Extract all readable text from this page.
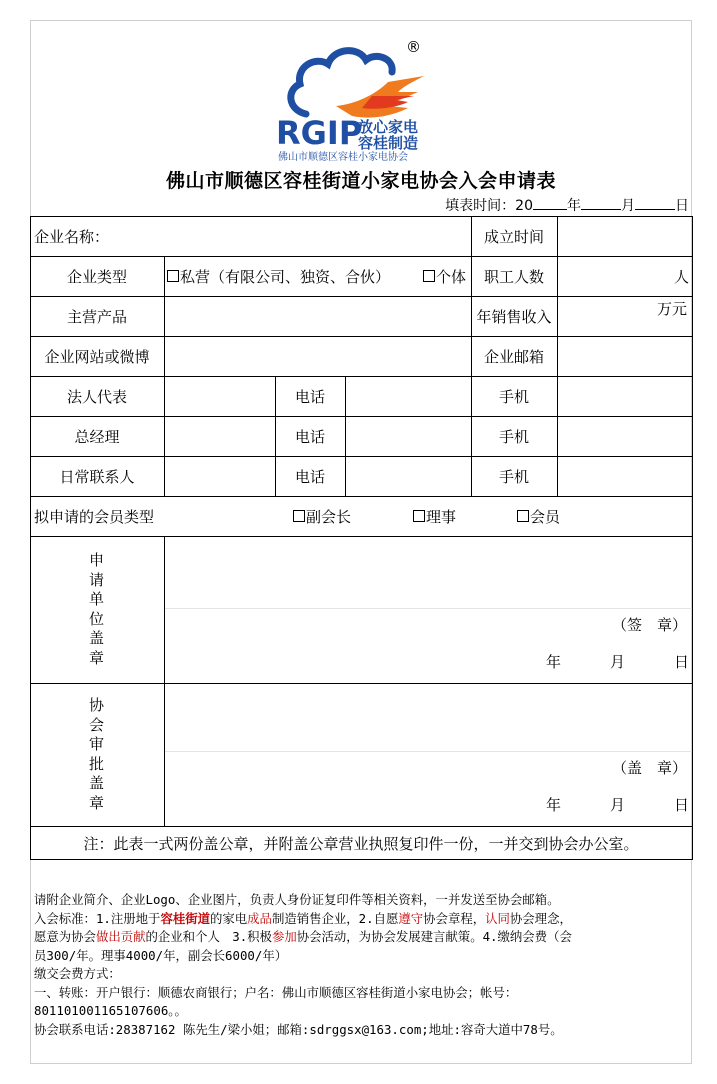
®
RGIP
放心家电
容桂制造
佛山市顺德区容桂小家电协会
佛山市顺德区容桂街道小家电协会入会申请表
填表时间：20 年	月	日
企业名称：	成立时间
企业类型	私营（有限公司、独资、合伙）	个体	职工人数	人
主营产品	年销售收入	万元
企业网站或微博	企业邮箱
法人代表	电话	手机
总经理	电话	手机
日常联系人	电话	手机
拟申请的会员类型	副会长	理事	会员
申
请
单
位
盖
章
（签　章）
年	月	日
协
会
审
批
盖
章
（盖　章）
年	月	日
注：此表一式两份盖公章，并附盖公章营业执照复印件一份，一并交到协会办公室。

请附企业简介、企业Logo、企业图片，负责人身份证复印件等相关资料，一并发送至协会邮箱。

入会标准：1.注册地于容桂街道的家电成品制造销售企业，2.自愿遵守协会章程，认同协会理念，

愿意为协会做出贡献的企业和个人　3.积极参加协会活动，为协会发展建言献策。4.缴纳会费（会

员300/年。理事4000/年，副会长6000/年）

缴交会费方式：

一、转账：开户银行：顺德农商银行；户名：佛山市顺德区容桂街道小家电协会；帐号：

801101001165107606。。

协会联系电话:28387162 陈先生/梁小姐；邮箱:sdrggsx@163.com;地址:容奇大道中78号。
